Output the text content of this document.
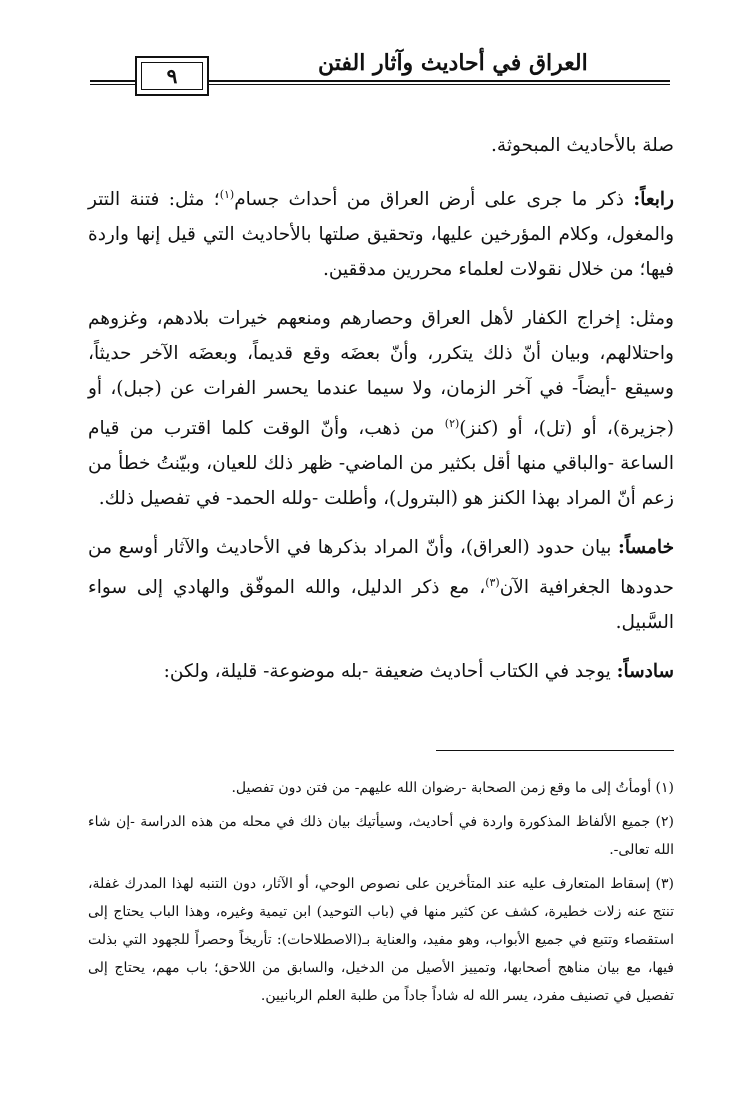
العراق في أحاديث وآثار الفتن
٩
صلة بالأحاديث المبحوثة.
رابعاً: ذكر ما جرى على أرض العراق من أحداث جسام$^{(١)}$؛ مثل: فتنة التتر والمغول، وكلام المؤرخين عليها، وتحقيق صلتها بالأحاديث التي قيل إنها واردة فيها؛ من خلال نقولات لعلماء محررين مدققين.
ومثل: إخراج الكفار لأهل العراق وحصارهم ومنعهم خيرات بلادهم، وغزوهم واحتلالهم، وبيان أنّ ذلك يتكرر، وأنّ بعضَه وقع قديماً، وبعضَه الآخر حديثاً، وسيقع -أيضاً- في آخر الزمان، ولا سيما عندما يحسر الفرات عن (جبل)، أو (جزيرة)، أو (تل)، أو (كنز)$^{(٢)}$ من ذهب، وأنّ الوقت كلما اقترب من قيام الساعة -والباقي منها أقل بكثير من الماضي- ظهر ذلك للعيان، وبيّنتُ خطأ من زعم أنّ المراد بهذا الكنز هو (البترول)، وأطلت -ولله الحمد- في تفصيل ذلك.
خامساً: بيان حدود (العراق)، وأنّ المراد بذكرها في الأحاديث والآثار أوسع من حدودها الجغرافية الآن$^{(٣)}$، مع ذكر الدليل، والله الموفّق والهادي إلى سواء السَّبيل.
سادساً: يوجد في الكتاب أحاديث ضعيفة -بله موضوعة- قليلة، ولكن:

(١) أومأتُ إلى ما وقع زمن الصحابة -رضوان الله عليهم- من فتن دون تفصيل.

(٢) جميع الألفاظ المذكورة واردة في أحاديث، وسيأتيك بيان ذلك في محله من هذه الدراسة -إن شاء الله تعالى-.

(٣) إسقاط المتعارف عليه عند المتأخرين على نصوص الوحي، أو الآثار، دون التنبه لهذا المدرك غفلة، تنتج عنه زلات خطيرة، كشف عن كثير منها في (باب التوحيد) ابن تيمية وغيره، وهذا الباب يحتاج إلى استقصاء وتتبع في جميع الأبواب، وهو مفيد، والعناية بـ(الاصطلاحات): تأريخاً وحصراً للجهود التي بذلت فيها، مع بيان مناهج أصحابها، وتمييز الأصيل من الدخيل، والسابق من اللاحق؛ باب مهم، يحتاج إلى تفصيل في تصنيف مفرد، يسر الله له شاداً جاداً من طلبة العلم الربانيين.
